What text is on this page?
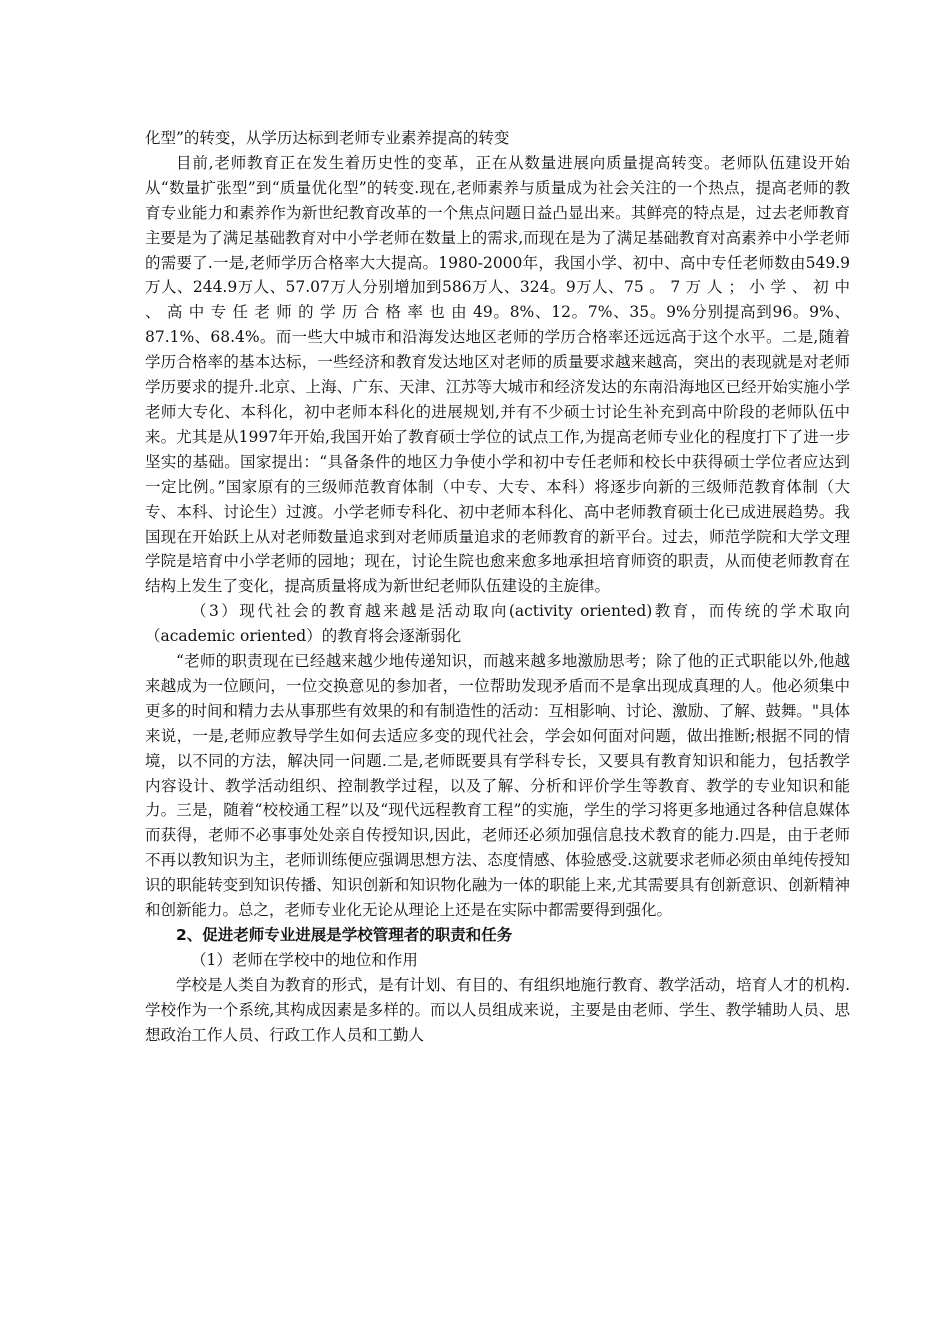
化型”的转变，从学历达标到老师专业素养提高的转变

目前,老师教育正在发生着历史性的变革，正在从数量进展向质量提高转变。老师队伍建设开始从“数量扩张型”到“质量优化型”的转变.现在,老师素养与质量成为社会关注的一个热点，提高老师的教育专业能力和素养作为新世纪教育改革的一个焦点问题日益凸显出来。其鲜亮的特点是，过去老师教育主要是为了满足基础教育对中小学老师在数量上的需求,而现在是为了满足基础教育对高素养中小学老师的需要了.一是,老师学历合格率大大提高。1980-2000年，我国小学、初中、高中专任老师数由549.9万人、244.9万人、57.07万人分别增加到586万人、324。9万人、75 。 7 万 人 ； 小 学 、 初 中 、 高 中 专 任 老 师 的 学 历 合 格 率 也 由 49。8%、12。7%、35。9%分别提高到96。9%、87.1%、68.4%。而一些大中城市和沿海发达地区老师的学历合格率还远远高于这个水平。二是,随着学历合格率的基本达标，一些经济和教育发达地区对老师的质量要求越来越高，突出的表现就是对老师学历要求的提升.北京、上海、广东、天津、江苏等大城市和经济发达的东南沿海地区已经开始实施小学老师大专化、本科化，初中老师本科化的进展规划,并有不少硕士讨论生补充到高中阶段的老师队伍中来。尤其是从1997年开始,我国开始了教育硕士学位的试点工作,为提高老师专业化的程度打下了进一步坚实的基础。国家提出：“具备条件的地区力争使小学和初中专任老师和校长中获得硕士学位者应达到一定比例。”国家原有的三级师范教育体制（中专、大专、本科）将逐步向新的三级师范教育体制（大专、本科、讨论生）过渡。小学老师专科化、初中老师本科化、高中老师教育硕士化已成进展趋势。我国现在开始跃上从对老师数量追求到对老师质量追求的老师教育的新平台。过去，师范学院和大学文理学院是培育中小学老师的园地；现在，讨论生院也愈来愈多地承担培育师资的职责，从而使老师教育在结构上发生了变化，提高质量将成为新世纪老师队伍建设的主旋律。

（3）现代社会的教育越来越是活动取向(activity oriented)教育，而传统的学术取向（academic oriented）的教育将会逐渐弱化

“老师的职责现在已经越来越少地传递知识，而越来越多地激励思考；除了他的正式职能以外,他越来越成为一位顾问，一位交换意见的参加者，一位帮助发现矛盾而不是拿出现成真理的人。他必须集中更多的时间和精力去从事那些有效果的和有制造性的活动：互相影响、讨论、激励、了解、鼓舞。"具体来说，一是,老师应教导学生如何去适应多变的现代社会，学会如何面对问题，做出推断;根据不同的情境，以不同的方法，解决同一问题.二是,老师既要具有学科专长，又要具有教育知识和能力，包括教学内容设计、教学活动组织、控制教学过程，以及了解、分析和评价学生等教育、教学的专业知识和能力。三是，随着“校校通工程”以及“现代远程教育工程”的实施，学生的学习将更多地通过各种信息媒体而获得，老师不必事事处处亲自传授知识,因此，老师还必须加强信息技术教育的能力.四是，由于老师不再以教知识为主，老师训练便应强调思想方法、态度情感、体验感受.这就要求老师必须由单纯传授知识的职能转变到知识传播、知识创新和知识物化融为一体的职能上来,尤其需要具有创新意识、创新精神和创新能力。总之，老师专业化无论从理论上还是在实际中都需要得到强化。

2、促进老师专业进展是学校管理者的职责和任务

（1）老师在学校中的地位和作用

学校是人类自为教育的形式，是有计划、有目的、有组织地施行教育、教学活动，培育人才的机构.学校作为一个系统,其构成因素是多样的。而以人员组成来说，主要是由老师、学生、教学辅助人员、思想政治工作人员、行政工作人员和工勤人
